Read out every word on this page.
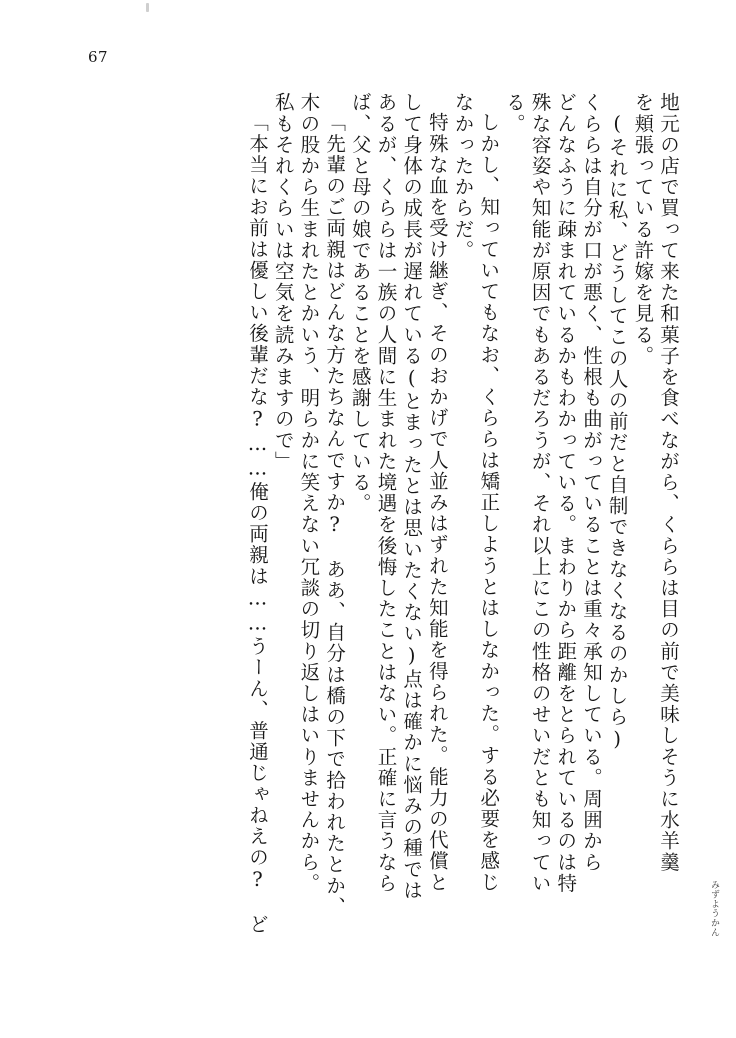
67
地元の店で買って来た和菓子を食べながら、くららは目の前で美味しそうに水羊羹
を頬張っている許嫁を見る。
(それに私、どうしてこの人の前だと自制できなくなるのかしら)
くららは自分が口が悪く、性根も曲がっていることは重々承知している。周囲から
どんなふうに疎まれているかもわかっている。まわりから距離をとられているのは特
殊な容姿や知能が原因でもあるだろうが、それ以上にこの性格のせいだとも知ってい
る。
しかし、知っていてもなお、くららは矯正しようとはしなかった。する必要を感じ
なかったからだ。
特殊な血を受け継ぎ、そのおかげで人並みはずれた知能を得られた。能力の代償と
して身体の成長が遅れている(とまったとは思いたくない)点は確かに悩みの種では
あるが、くららは一族の人間に生まれた境遇を後悔したことはない。正確に言うなら
ば、父と母の娘であることを感謝している。
「先輩のご両親はどんな方たちなんですか?　ああ、自分は橋の下で拾われたとか、
木の股から生まれたとかいう、明らかに笑えない冗談の切り返しはいりませんから。
私もそれくらいは空気を読みますので」
「本当にお前は優しい後輩だな?……俺の両親は……うーん、普通じゃねえの?　ど	みずようかん
